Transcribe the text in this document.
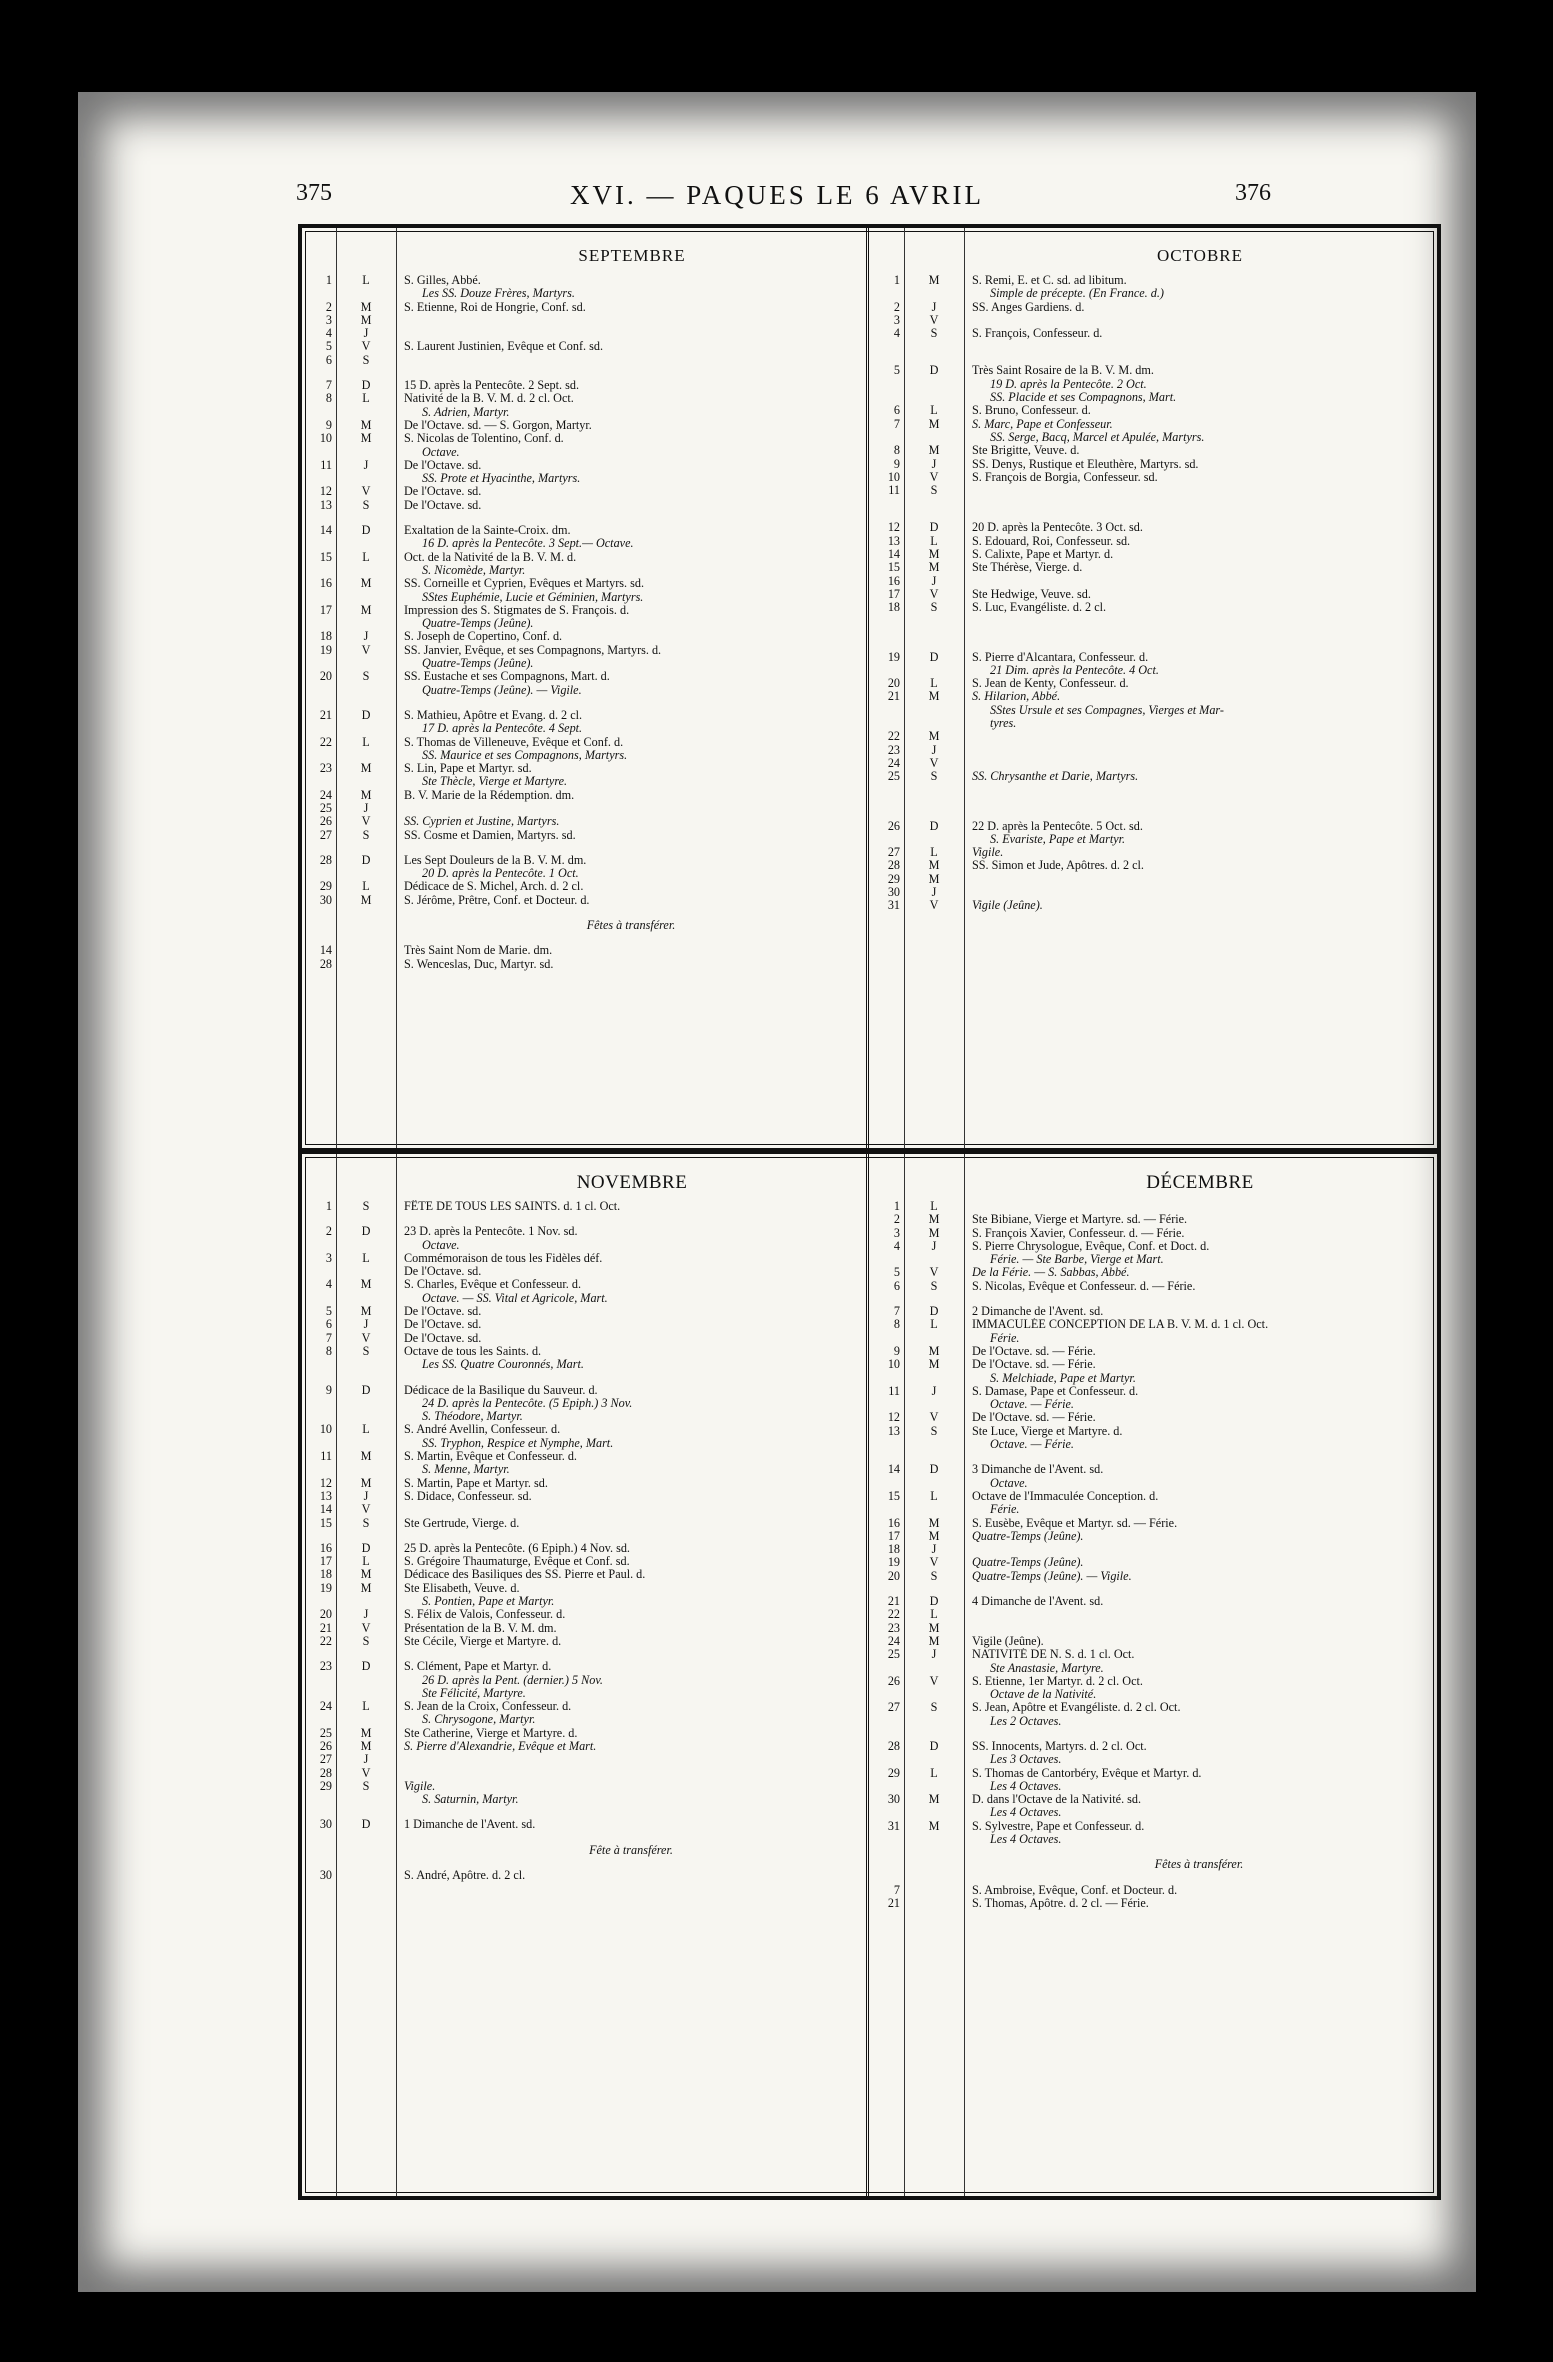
375	XVI. — PAQUES LE 6 AVRIL	376
SEPTEMBRE
1	L	S. Gilles, Abbé.
Les SS. Douze Frères, Martyrs.
2	M	S. Etienne, Roi de Hongrie, Conf. sd.
3	M
4	J
5	V	S. Laurent Justinien, Evêque et Conf. sd.
6	S
7	D	15 D. après la Pentecôte. 2 Sept. sd.
8	L	Nativité de la B. V. M. d. 2 cl. Oct.
S. Adrien, Martyr.
9	M	De l'Octave. sd. — S. Gorgon, Martyr.
10	M	S. Nicolas de Tolentino, Conf. d.
Octave.
11	J	De l'Octave. sd.
SS. Prote et Hyacinthe, Martyrs.
12	V	De l'Octave. sd.
13	S	De l'Octave. sd.
14	D	Exaltation de la Sainte-Croix. dm.
16 D. après la Pentecôte. 3 Sept.— Octave.
15	L	Oct. de la Nativité de la B. V. M. d.
S. Nicomède, Martyr.
16	M	SS. Corneille et Cyprien, Evêques et Martyrs. sd.
SStes Euphémie, Lucie et Géminien, Martyrs.
17	M	Impression des S. Stigmates de S. François. d.
Quatre-Temps (Jeûne).
18	J	S. Joseph de Copertino, Conf. d.
19	V	SS. Janvier, Evêque, et ses Compagnons, Martyrs. d.
Quatre-Temps (Jeûne).
20	S	SS. Eustache et ses Compagnons, Mart. d.
Quatre-Temps (Jeûne). — Vigile.
21	D	S. Mathieu, Apôtre et Evang. d. 2 cl.
17 D. après la Pentecôte. 4 Sept.
22	L	S. Thomas de Villeneuve, Evêque et Conf. d.
SS. Maurice et ses Compagnons, Martyrs.
23	M	S. Lin, Pape et Martyr. sd.
Ste Thècle, Vierge et Martyre.
24	M	B. V. Marie de la Rédemption. dm.
25	J
26	V	SS. Cyprien et Justine, Martyrs.
27	S	SS. Cosme et Damien, Martyrs. sd.
28	D	Les Sept Douleurs de la B. V. M. dm.
20 D. après la Pentecôte. 1 Oct.
29	L	Dédicace de S. Michel, Arch. d. 2 cl.
30	M	S. Jérôme, Prêtre, Conf. et Docteur. d.
Fêtes à transférer.
14	Très Saint Nom de Marie. dm.
28	S. Wenceslas, Duc, Martyr. sd.
OCTOBRE
1	M	S. Remi, E. et C. sd. ad libitum.
Simple de précepte. (En France. d.)
2	J	SS. Anges Gardiens. d.
3	V
4	S	S. François, Confesseur. d.
5	D	Très Saint Rosaire de la B. V. M. dm.
19 D. après la Pentecôte. 2 Oct.
SS. Placide et ses Compagnons, Mart.
6	L	S. Bruno, Confesseur. d.
7	M	S. Marc, Pape et Confesseur.
SS. Serge, Bacq, Marcel et Apulée, Martyrs.
8	M	Ste Brigitte, Veuve. d.
9	J	SS. Denys, Rustique et Eleuthère, Martyrs. sd.
10	V	S. François de Borgia, Confesseur. sd.
11	S
12	D	20 D. après la Pentecôte. 3 Oct. sd.
13	L	S. Edouard, Roi, Confesseur. sd.
14	M	S. Calixte, Pape et Martyr. d.
15	M	Ste Thérèse, Vierge. d.
16	J
17	V	Ste Hedwige, Veuve. sd.
18	S	S. Luc, Evangéliste. d. 2 cl.
19	D	S. Pierre d'Alcantara, Confesseur. d.
21 Dim. après la Pentecôte. 4 Oct.
20	L	S. Jean de Kenty, Confesseur. d.
21	M	S. Hilarion, Abbé.
SStes Ursule et ses Compagnes, Vierges et Mar-
tyres.
22	M
23	J
24	V
25	S	SS. Chrysanthe et Darie, Martyrs.
26	D	22 D. après la Pentecôte. 5 Oct. sd.
S. Evariste, Pape et Martyr.
27	L	Vigile.
28	M	SS. Simon et Jude, Apôtres. d. 2 cl.
29	M
30	J
31	V	Vigile (Jeûne).
NOVEMBRE
1	S	FÊTE DE TOUS LES SAINTS. d. 1 cl. Oct.
2	D	23 D. après la Pentecôte. 1 Nov. sd.
Octave.
3	L	Commémoraison de tous les Fidèles déf.
De l'Octave. sd.
4	M	S. Charles, Evêque et Confesseur. d.
Octave. — SS. Vital et Agricole, Mart.
5	M	De l'Octave. sd.
6	J	De l'Octave. sd.
7	V	De l'Octave. sd.
8	S	Octave de tous les Saints. d.
Les SS. Quatre Couronnés, Mart.
9	D	Dédicace de la Basilique du Sauveur. d.
24 D. après la Pentecôte. (5 Epiph.) 3 Nov.
S. Théodore, Martyr.
10	L	S. André Avellin, Confesseur. d.
SS. Tryphon, Respice et Nymphe, Mart.
11	M	S. Martin, Evêque et Confesseur. d.
S. Menne, Martyr.
12	M	S. Martin, Pape et Martyr. sd.
13	J	S. Didace, Confesseur. sd.
14	V
15	S	Ste Gertrude, Vierge. d.
16	D	25 D. après la Pentecôte. (6 Epiph.) 4 Nov. sd.
17	L	S. Grégoire Thaumaturge, Evêque et Conf. sd.
18	M	Dédicace des Basiliques des SS. Pierre et Paul. d.
19	M	Ste Elisabeth, Veuve. d.
S. Pontien, Pape et Martyr.
20	J	S. Félix de Valois, Confesseur. d.
21	V	Présentation de la B. V. M. dm.
22	S	Ste Cécile, Vierge et Martyre. d.
23	D	S. Clément, Pape et Martyr. d.
26 D. après la Pent. (dernier.) 5 Nov.
Ste Félicité, Martyre.
24	L	S. Jean de la Croix, Confesseur. d.
S. Chrysogone, Martyr.
25	M	Ste Catherine, Vierge et Martyre. d.
26	M	S. Pierre d'Alexandrie, Evêque et Mart.
27	J
28	V
29	S	Vigile.
S. Saturnin, Martyr.
30	D	1 Dimanche de l'Avent. sd.
Fête à transférer.
30	S. André, Apôtre. d. 2 cl.
DÉCEMBRE
1	L
2	M	Ste Bibiane, Vierge et Martyre. sd. — Férie.
3	M	S. François Xavier, Confesseur. d. — Férie.
4	J	S. Pierre Chrysologue, Evêque, Conf. et Doct. d.
Férie. — Ste Barbe, Vierge et Mart.
5	V	De la Férie. — S. Sabbas, Abbé.
6	S	S. Nicolas, Evêque et Confesseur. d. — Férie.
7	D	2 Dimanche de l'Avent. sd.
8	L	IMMACULÉE CONCEPTION DE LA B. V. M. d. 1 cl. Oct.
Férie.
9	M	De l'Octave. sd. — Férie.
10	M	De l'Octave. sd. — Férie.
S. Melchiade, Pape et Martyr.
11	J	S. Damase, Pape et Confesseur. d.
Octave. — Férie.
12	V	De l'Octave. sd. — Férie.
13	S	Ste Luce, Vierge et Martyre. d.
Octave. — Férie.
14	D	3 Dimanche de l'Avent. sd.
Octave.
15	L	Octave de l'Immaculée Conception. d.
Férie.
16	M	S. Eusèbe, Evêque et Martyr. sd. — Férie.
17	M	Quatre-Temps (Jeûne).
18	J
19	V	Quatre-Temps (Jeûne).
20	S	Quatre-Temps (Jeûne). — Vigile.
21	D	4 Dimanche de l'Avent. sd.
22	L
23	M
24	M	Vigile (Jeûne).
25	J	NATIVITÉ DE N. S. d. 1 cl. Oct.
Ste Anastasie, Martyre.
26	V	S. Etienne, 1er Martyr. d. 2 cl. Oct.
Octave de la Nativité.
27	S	S. Jean, Apôtre et Evangéliste. d. 2 cl. Oct.
Les 2 Octaves.
28	D	SS. Innocents, Martyrs. d. 2 cl. Oct.
Les 3 Octaves.
29	L	S. Thomas de Cantorbéry, Evêque et Martyr. d.
Les 4 Octaves.
30	M	D. dans l'Octave de la Nativité. sd.
Les 4 Octaves.
31	M	S. Sylvestre, Pape et Confesseur. d.
Les 4 Octaves.
Fêtes à transférer.
7	S. Ambroise, Evêque, Conf. et Docteur. d.
21	S. Thomas, Apôtre. d. 2 cl. — Férie.
